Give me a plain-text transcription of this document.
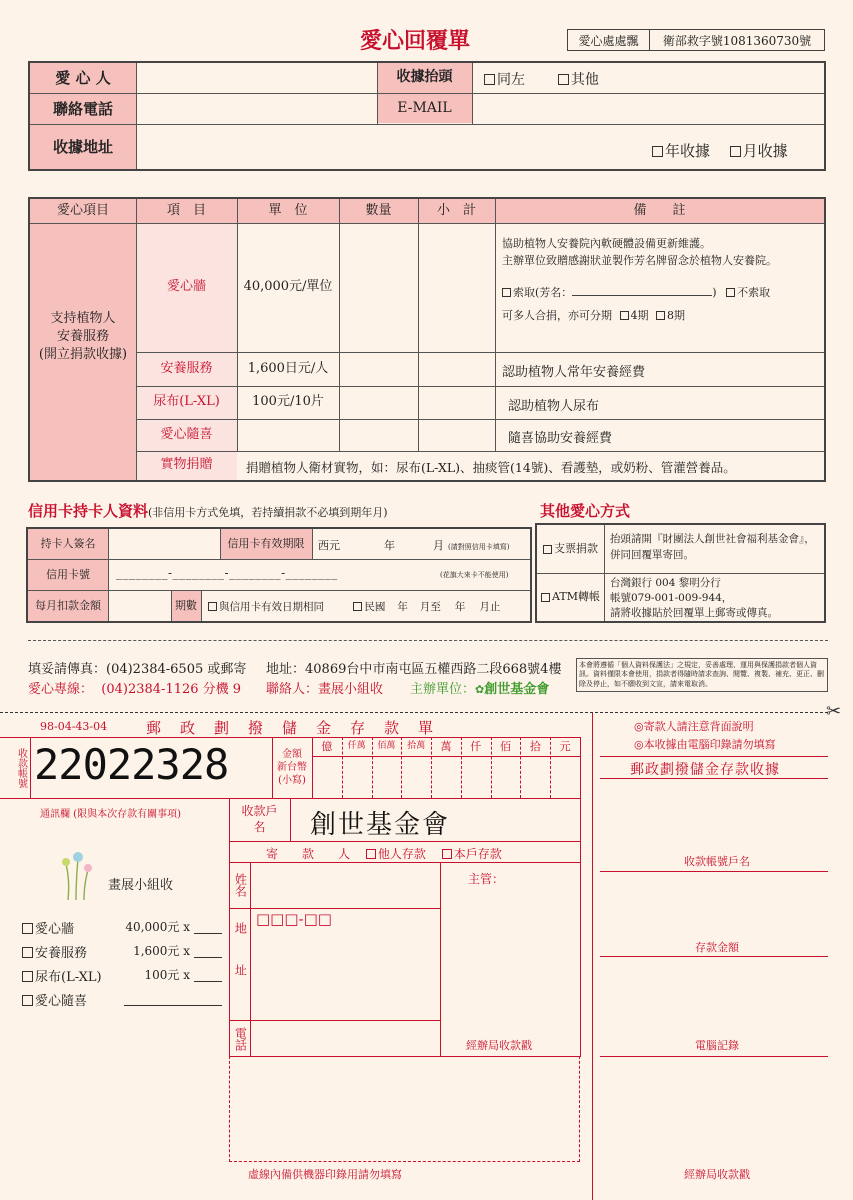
愛心回覆單	愛心處處飄	衛部救字號1081360730號
愛 心 人	收據抬頭	同左	其他
聯絡電話	E-MAIL
收據地址	年收據 月收據
愛心項目	項　目	單　位	數量	小　計	備　　註
支持植物人
安養服務
(開立捐款收據)
愛心牆	40,000元/單位
協助植物人安養院內軟硬體設備更新維護。
主辦單位致贈感謝狀並製作芳名牌留念於植物人安養院。
索取(芳名：	) 不索取
可多人合捐，亦可分期 4期 8期
安養服務	1,600日元/人	認助植物人常年安養經費
尿布(L-XL)	100元/10片	認助植物人尿布
愛心隨喜	隨喜協助安養經費
實物捐贈	捐贈植物人衛材實物，如：尿布(L-XL)、抽痰管(14號)、看護墊，或奶粉、管灌營養品。
信用卡持卡人資料(非信用卡方式免填，若持續捐款不必填到期年月)
持卡人簽名	信用卡有效期限	西元	年	月 (請對照信用卡填寫)
信用卡號	________-________-________-________	(花旗大來卡不能使用)
每月扣款金額	期數	與信用卡有效日期相同	民國 年 月至 年 月止
其他愛心方式
支票捐款
抬頭請開『財團法人創世社會福利基金會』，
併同回覆單寄回。
ATM轉帳
台灣銀行 004 黎明分行
帳號079-001-009-944，
請將收據貼於回覆單上郵寄或傳真。
填妥請傳真：(04)2384-6505 或郵寄
愛心專線： (04)2384-1126 分機 9
地址：40869台中市南屯區五權西路二段668號4樓
聯絡人：畫展小組收 主辦單位：✿創世基金會
本會將遵循「個人資料保護法」之規定，妥善處理、運用與保護捐款者個人資訊。資料僅限本會使用，捐款者得隨時請求查詢、閱覽、複製、補充、更正、刪除及停止，如不願收到文宣，請來電取消。
✂
98-04-43-04	郵　政　劃　撥　儲　金　存　款　單
收款帳號 22022328	金額
新台幣
(小寫)
億	仟萬	佰萬	拾萬	萬	仟	佰	拾	元
◎寄款人請注意背面說明
◎本收據由電腦印錄請勿填寫
郵政劃撥儲金存款收據
收款帳號戶名
存款金額
電腦記錄
經辦局收款戳
通訊欄 (限與本次存款有關事項)
畫展小組收
愛心牆	40,000元 x
安養服務	1,600元 x
尿布(L-XL)	100元 x
愛心隨喜
收款戶名	創世基金會
寄　　款　　人 他人存款 本戶存款
姓名
地址
□□□-□□
電話
主管：
經辦局收款戳
虛線內備供機器印錄用請勿填寫
